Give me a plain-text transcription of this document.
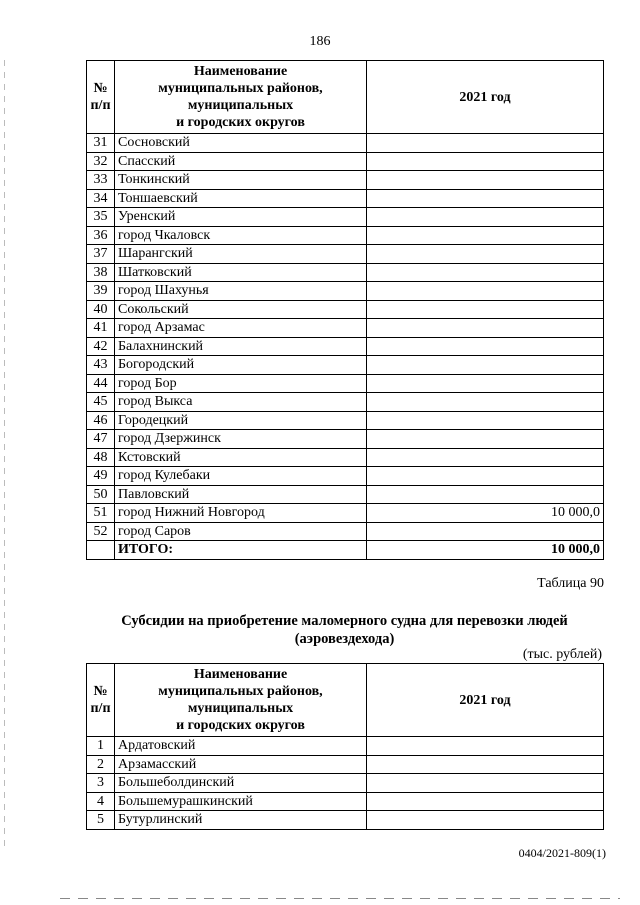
186
№
п/п	Наименование
муниципальных районов,
муниципальных
и городских округов	2021 год
31	Сосновский	
32	Спасский	
33	Тонкинский	
34	Тоншаевский	
35	Уренский	
36	город Чкаловск	
37	Шарангский	
38	Шатковский	
39	город Шахунья	
40	Сокольский	
41	город Арзамас	
42	Балахнинский	
43	Богородский	
44	город Бор	
45	город Выкса	
46	Городецкий	
47	город Дзержинск	
48	Кстовский	
49	город Кулебаки	
50	Павловский	
51	город Нижний Новгород	10 000,0
52	город Саров	
	ИТОГО:	10 000,0
Таблица 90
Субсидии на приобретение маломерного судна для перевозки людей
(аэровездехода)
(тыс. рублей)
№
п/п	Наименование
муниципальных районов,
муниципальных
и городских округов	2021 год
1	Ардатовский	
2	Арзамасский	
3	Большеболдинский	
4	Большемурашкинский	
5	Бутурлинский	
0404/2021-809(1)
